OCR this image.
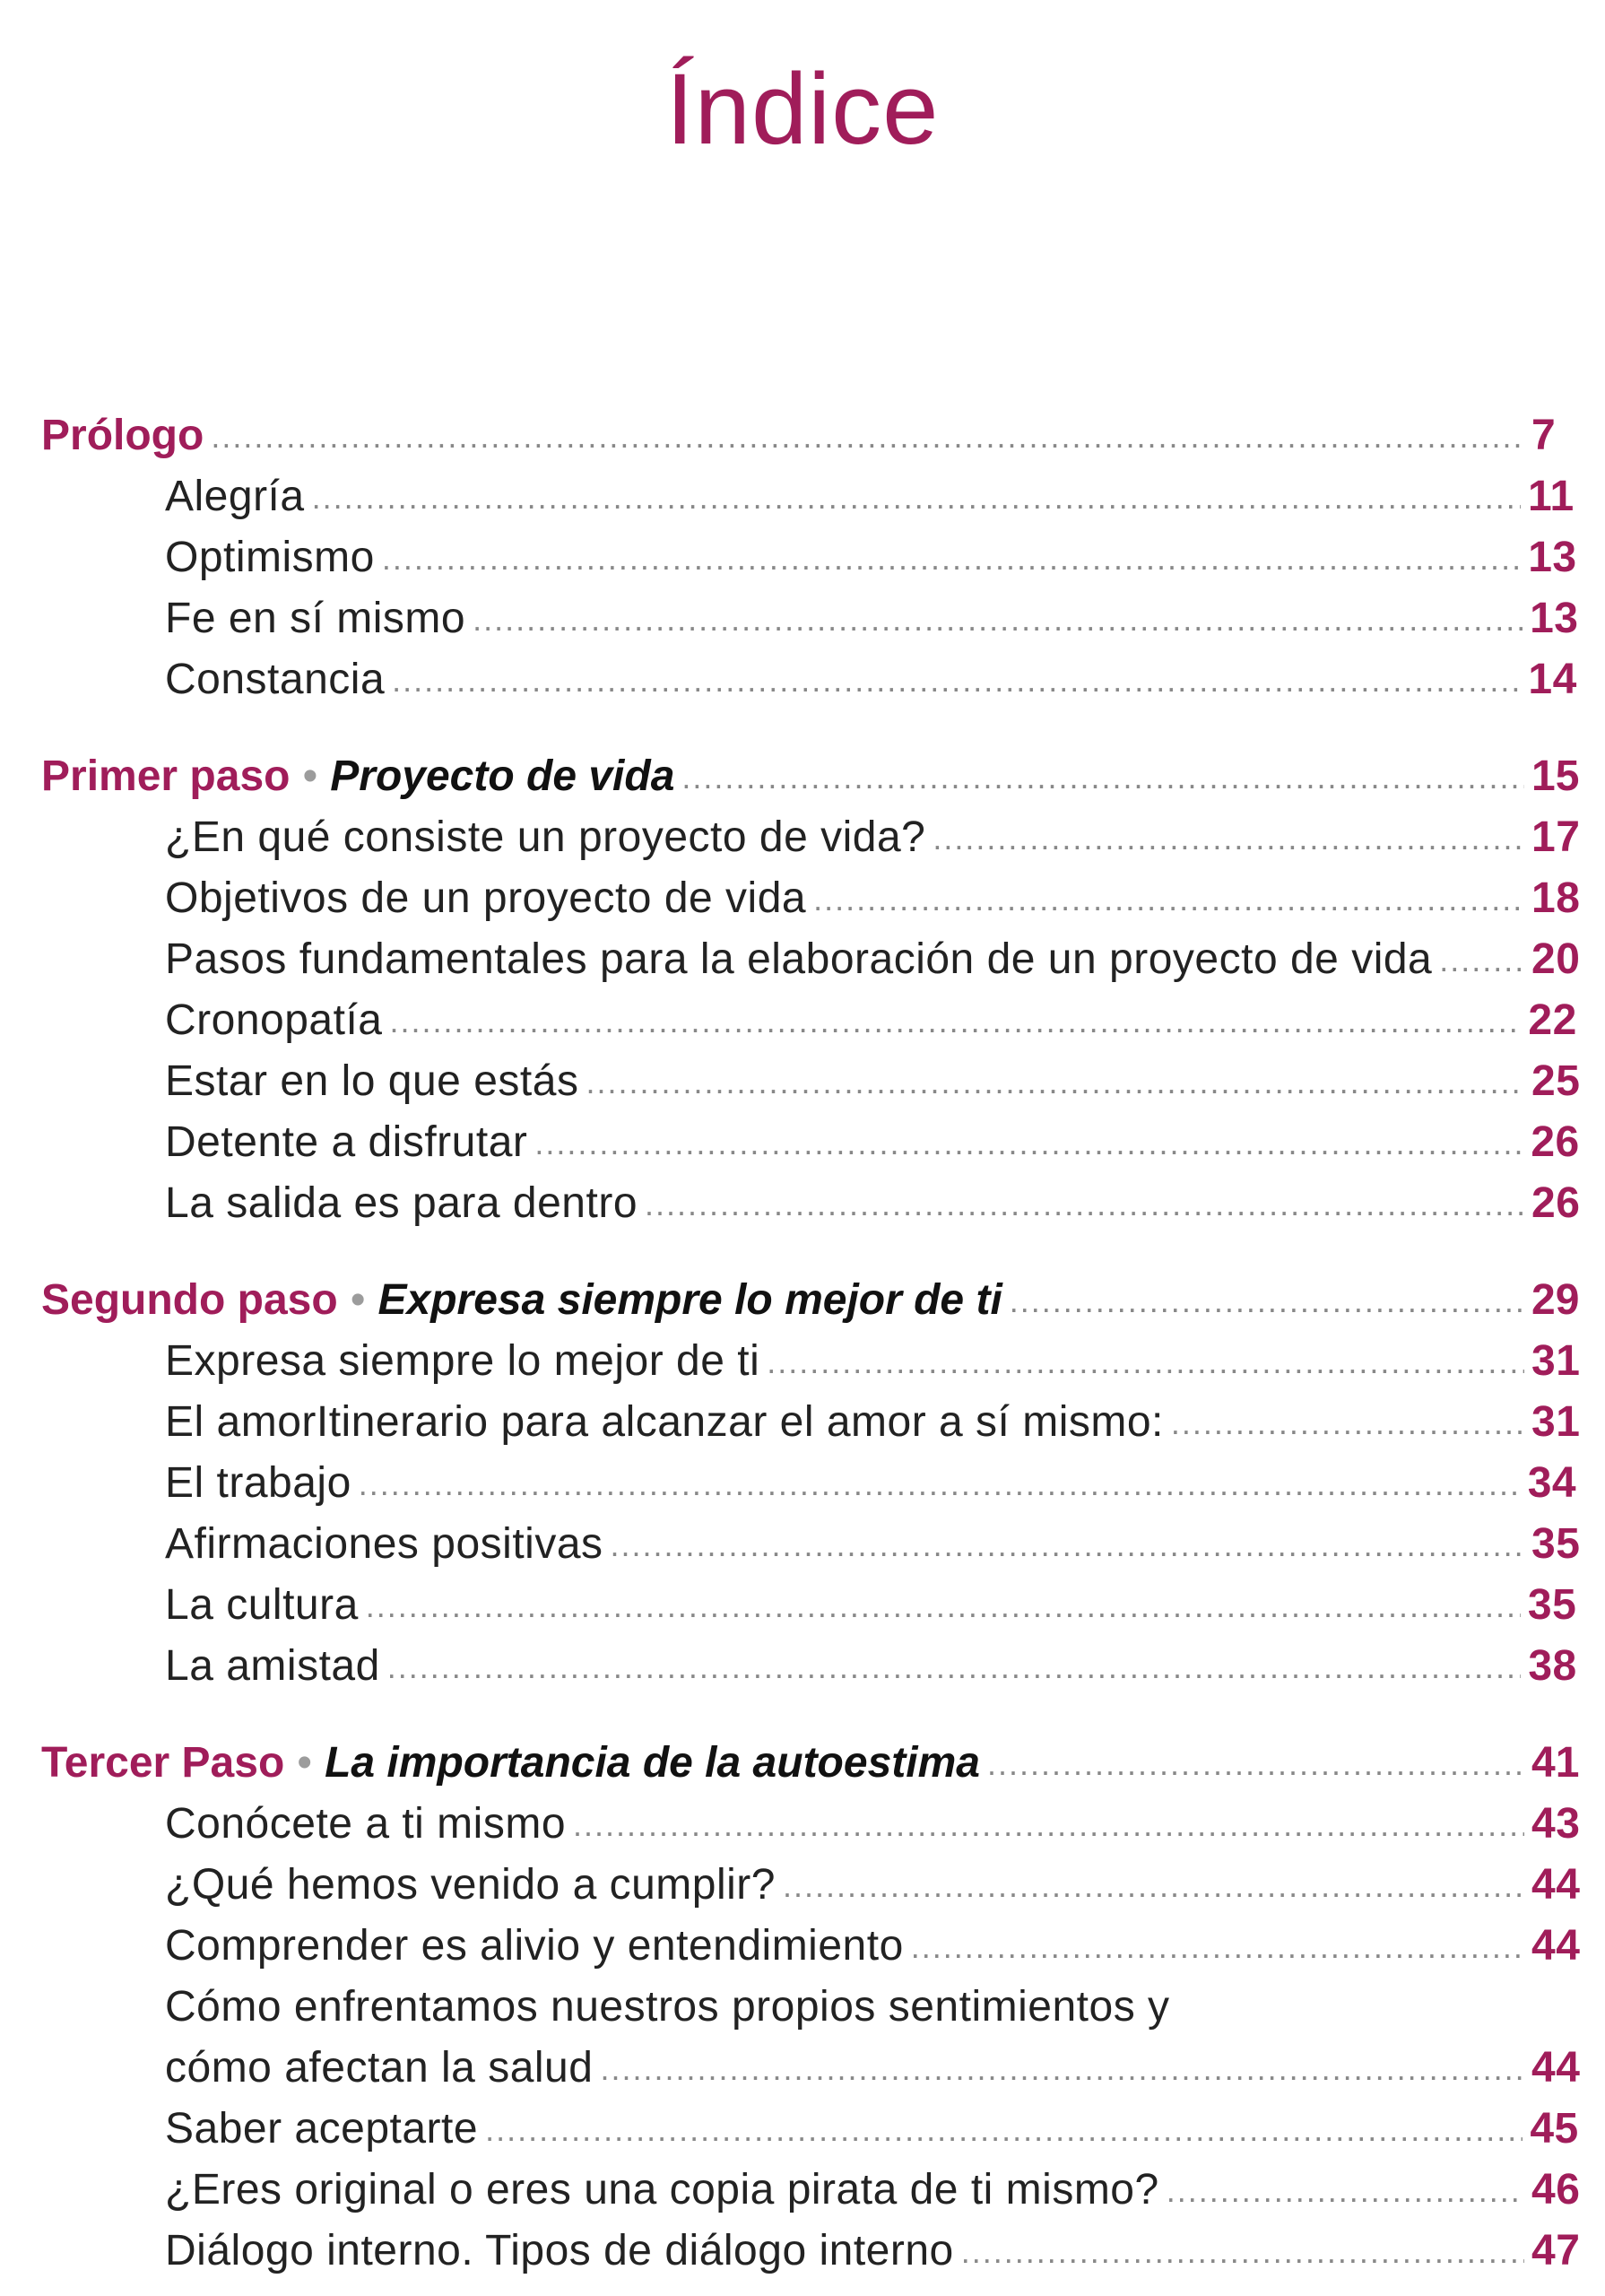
Índice
Prólogo .....	7
Alegría .....	11
Optimismo .....	13
Fe en sí mismo .....	13
Constancia .....	14
Primer paso • Proyecto de vida .....	15
¿En qué consiste un proyecto de vida? .....	17
Objetivos de un proyecto de vida .....	18
Pasos fundamentales para la elaboración de un proyecto de vida ..... 20
Cronopatía .....	22
Estar en lo que estás .....	25
Detente a disfrutar .....	26
La salida es para dentro .....	26
Segundo paso • Expresa siempre lo mejor de ti .....	29
Expresa siempre lo mejor de ti .....	31
El amorItinerario para alcanzar el amor a sí mismo: .....	31
El trabajo .....	34
Afirmaciones positivas .....	35
La cultura .....	35
La amistad .....	38
Tercer Paso • La importancia de la autoestima .....	41
Conócete a ti mismo .....	43
¿Qué hemos venido a cumplir? .....	44
Comprender es alivio y entendimiento .....	44
Cómo enfrentamos nuestros propios sentimientos y
cómo afectan la salud .....	44
Saber aceptarte .....	45
¿Eres original o eres una copia pirata de ti mismo? .....	46
Diálogo interno. Tipos de diálogo interno .....	47
